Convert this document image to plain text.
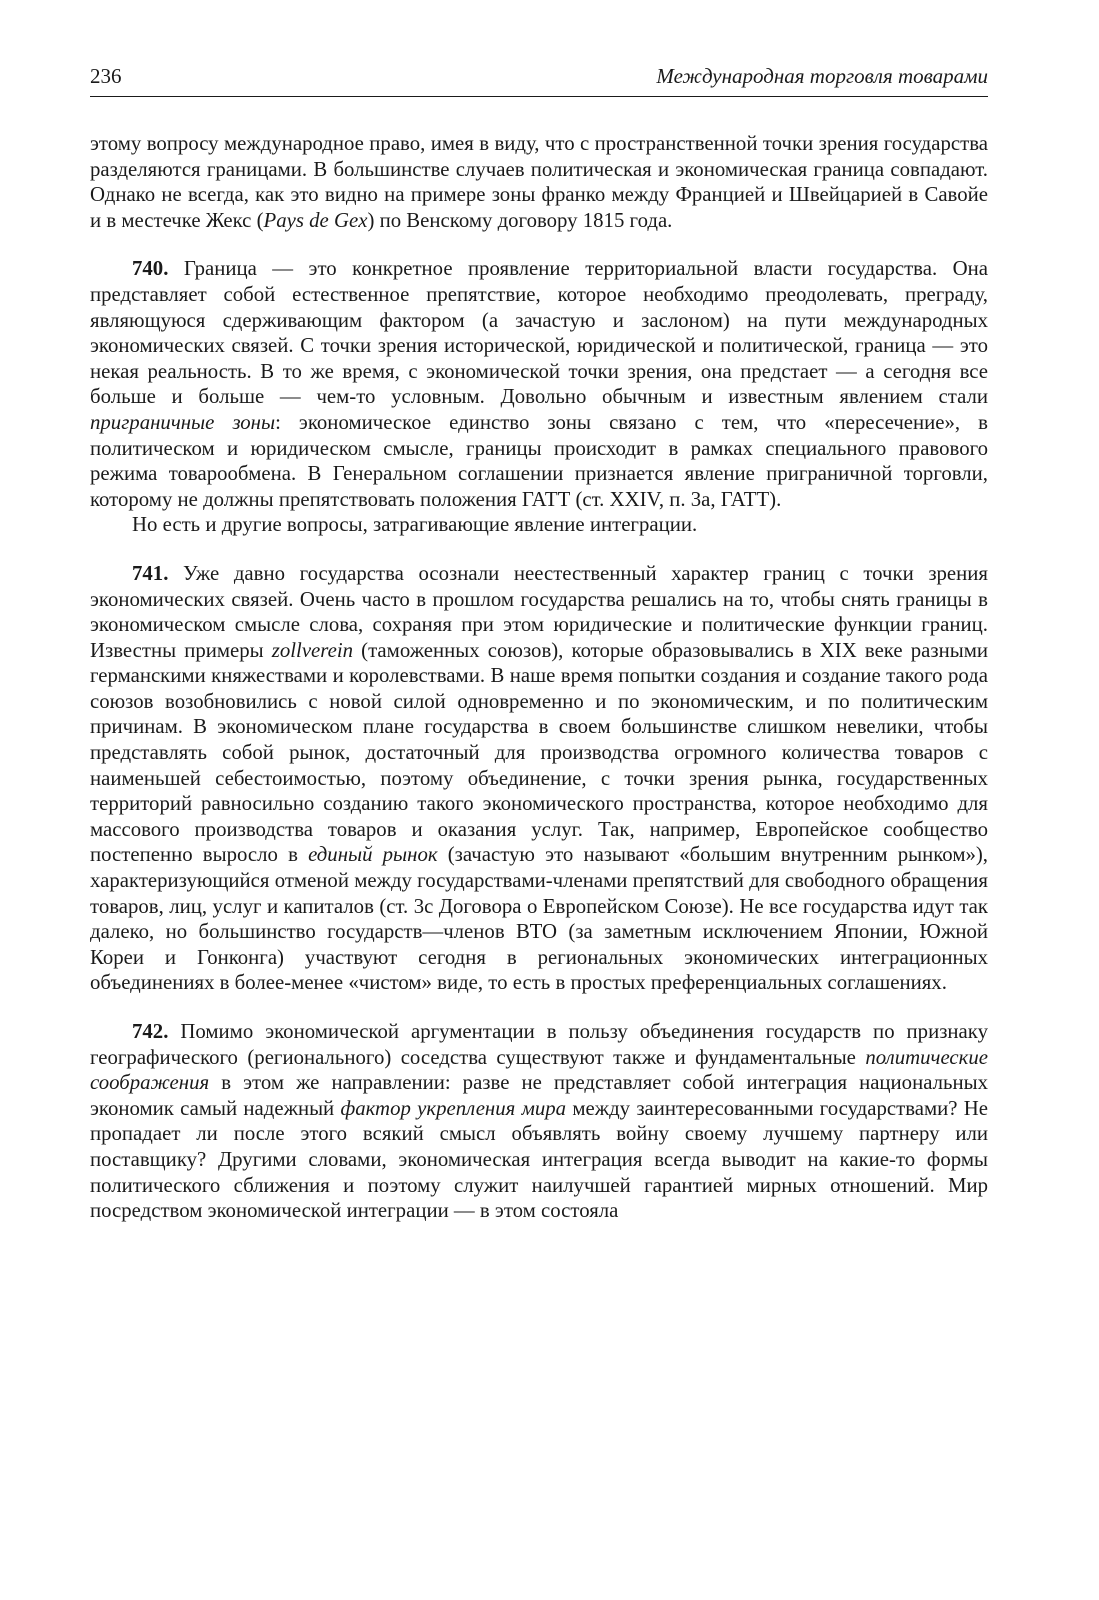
236	Международная торговля товарами

этому вопросу международное право, имея в виду, что с пространственной точки зрения государства разделяются границами. В большинстве случаев политическая и экономическая граница совпадают. Однако не всегда, как это видно на примере зоны франко между Францией и Швейцарией в Савойе и в местечке Жекс (Pays de Gex) по Венскому договору 1815 года.

740. Граница — это конкретное проявление территориальной власти государства. Она представляет собой естественное препятствие, которое необходимо преодолевать, преграду, являющуюся сдерживающим фактором (а зачастую и заслоном) на пути международных экономических связей. С точки зрения исторической, юридической и политической, граница — это некая реальность. В то же время, с экономической точки зрения, она предстает — а сегодня все больше и больше — чем-то условным. Довольно обычным и известным явлением стали приграничные зоны: экономическое единство зоны связано с тем, что «пересечение», в политическом и юридическом смысле, границы происходит в рамках специального правового режима товарообмена. В Генеральном соглашении признается явление приграничной торговли, которому не должны препятствовать положения ГАТТ (ст. XXIV, п. 3а, ГАТТ).

Но есть и другие вопросы, затрагивающие явление интеграции.

741. Уже давно государства осознали неестественный характер границ с точки зрения экономических связей. Очень часто в прошлом государства решались на то, чтобы снять границы в экономическом смысле слова, сохраняя при этом юридические и политические функции границ. Известны примеры zollverein (таможенных союзов), которые образовывались в XIX веке разными германскими княжествами и королевствами. В наше время попытки создания и создание такого рода союзов возобновились с новой силой одновременно и по экономическим, и по политическим причинам. В экономическом плане государства в своем большинстве слишком невелики, чтобы представлять собой рынок, достаточный для производства огромного количества товаров с наименьшей себестоимостью, поэтому объединение, с точки зрения рынка, государственных территорий равносильно созданию такого экономического пространства, которое необходимо для массового производства товаров и оказания услуг. Так, например, Европейское сообщество постепенно выросло в единый рынок (зачастую это называют «большим внутренним рынком»), характеризующийся отменой между государствами-членами препятствий для свободного обращения товаров, лиц, услуг и капиталов (ст. 3с Договора о Европейском Союзе). Не все государства идут так далеко, но большинство государств—членов ВТО (за заметным исключением Японии, Южной Кореи и Гонконга) участвуют сегодня в региональных экономических интеграционных объединениях в более-менее «чистом» виде, то есть в простых преференциальных соглашениях.

742. Помимо экономической аргументации в пользу объединения государств по признаку географического (регионального) соседства существуют также и фундаментальные политические соображения в этом же направлении: разве не представляет собой интеграция национальных экономик самый надежный фактор укрепления мира между заинтересованными государствами? Не пропадает ли после этого всякий смысл объявлять войну своему лучшему партнеру или поставщику? Другими словами, экономическая интеграция всегда выводит на какие-то формы политического сближения и поэтому служит наилучшей гарантией мирных отношений. Мир посредством экономической интеграции — в этом состояла
